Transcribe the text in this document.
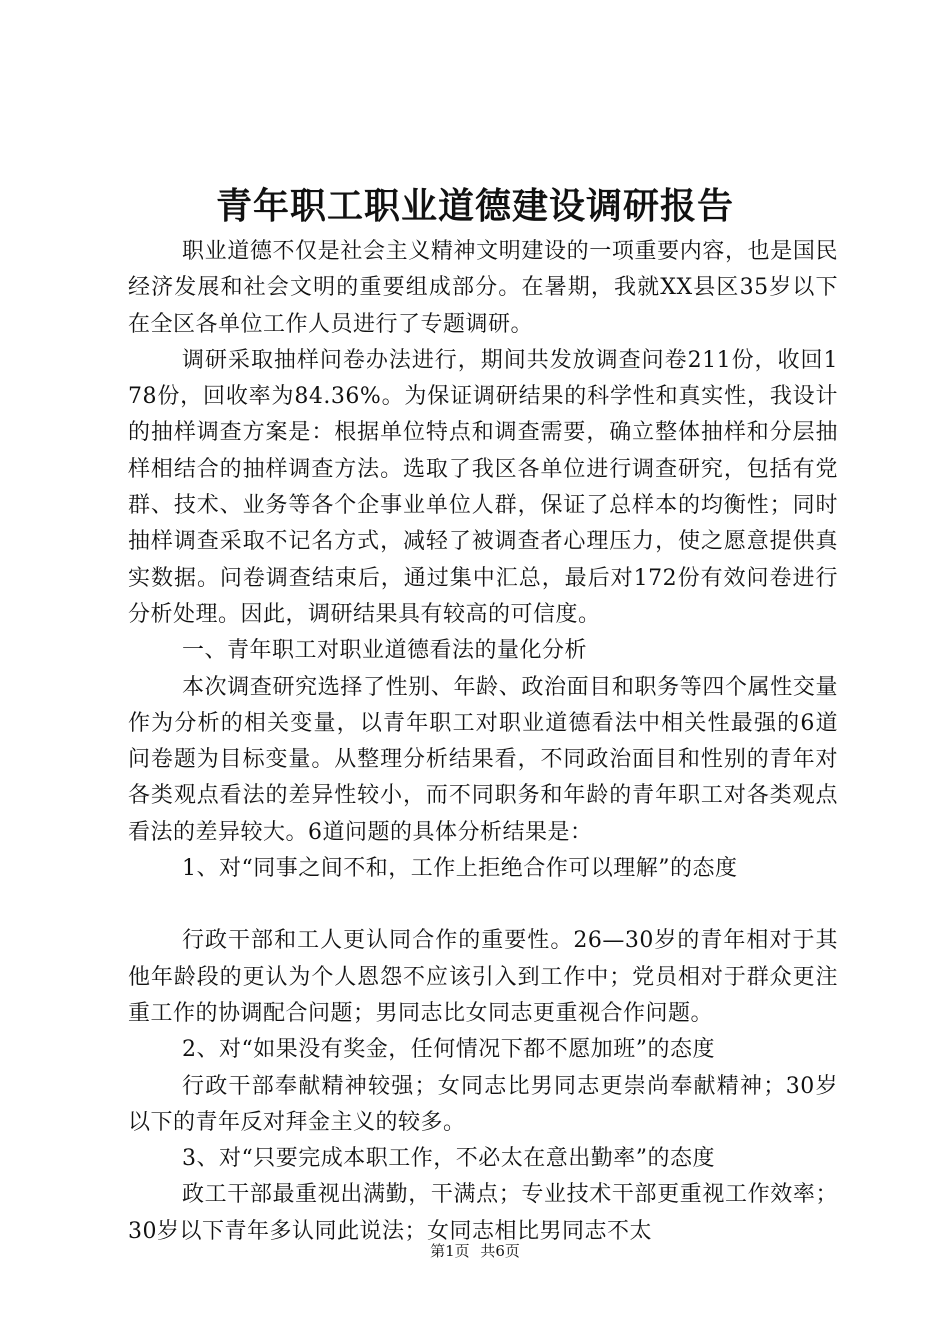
青年职工职业道德建设调研报告

职业道德不仅是社会主义精神文明建设的一项重要内容，也是国民经济发展和社会文明的重要组成部分。在暑期，我就XX县区35岁以下在全区各单位工作人员进行了专题调研。

调研采取抽样问卷办法进行，期间共发放调查问卷211份，收回178份，回收率为84.36%。为保证调研结果的科学性和真实性，我设计的抽样调查方案是：根据单位特点和调查需要，确立整体抽样和分层抽样相结合的抽样调查方法。选取了我区各单位进行调查研究，包括有党群、技术、业务等各个企事业单位人群，保证了总样本的均衡性；同时抽样调查采取不记名方式，减轻了被调查者心理压力，使之愿意提供真实数据。问卷调查结束后，通过集中汇总，最后对172份有效问卷进行分析处理。因此，调研结果具有较高的可信度。

一、青年职工对职业道德看法的量化分析

本次调查研究选择了性别、年龄、政治面目和职务等四个属性交量作为分析的相关变量，以青年职工对职业道德看法中相关性最强的6道问卷题为目标变量。从整理分析结果看，不同政治面目和性别的青年对各类观点看法的差异性较小，而不同职务和年龄的青年职工对各类观点看法的差异较大。6道问题的具体分析结果是：

1、对“同事之间不和，工作上拒绝合作可以理解”的态度

行政干部和工人更认同合作的重要性。26—30岁的青年相对于其他年龄段的更认为个人恩怨不应该引入到工作中；党员相对于群众更注重工作的协调配合问题；男同志比女同志更重视合作问题。

2、对“如果没有奖金，任何情况下都不愿加班”的态度

行政干部奉献精神较强；女同志比男同志更崇尚奉献精神；30岁以下的青年反对拜金主义的较多。

3、对“只要完成本职工作，不必太在意出勤率”的态度

政工干部最重视出满勤，干满点；专业技术干部更重视工作效率；30岁以下青年多认同此说法；女同志相比男同志不太

第1页 共6页
